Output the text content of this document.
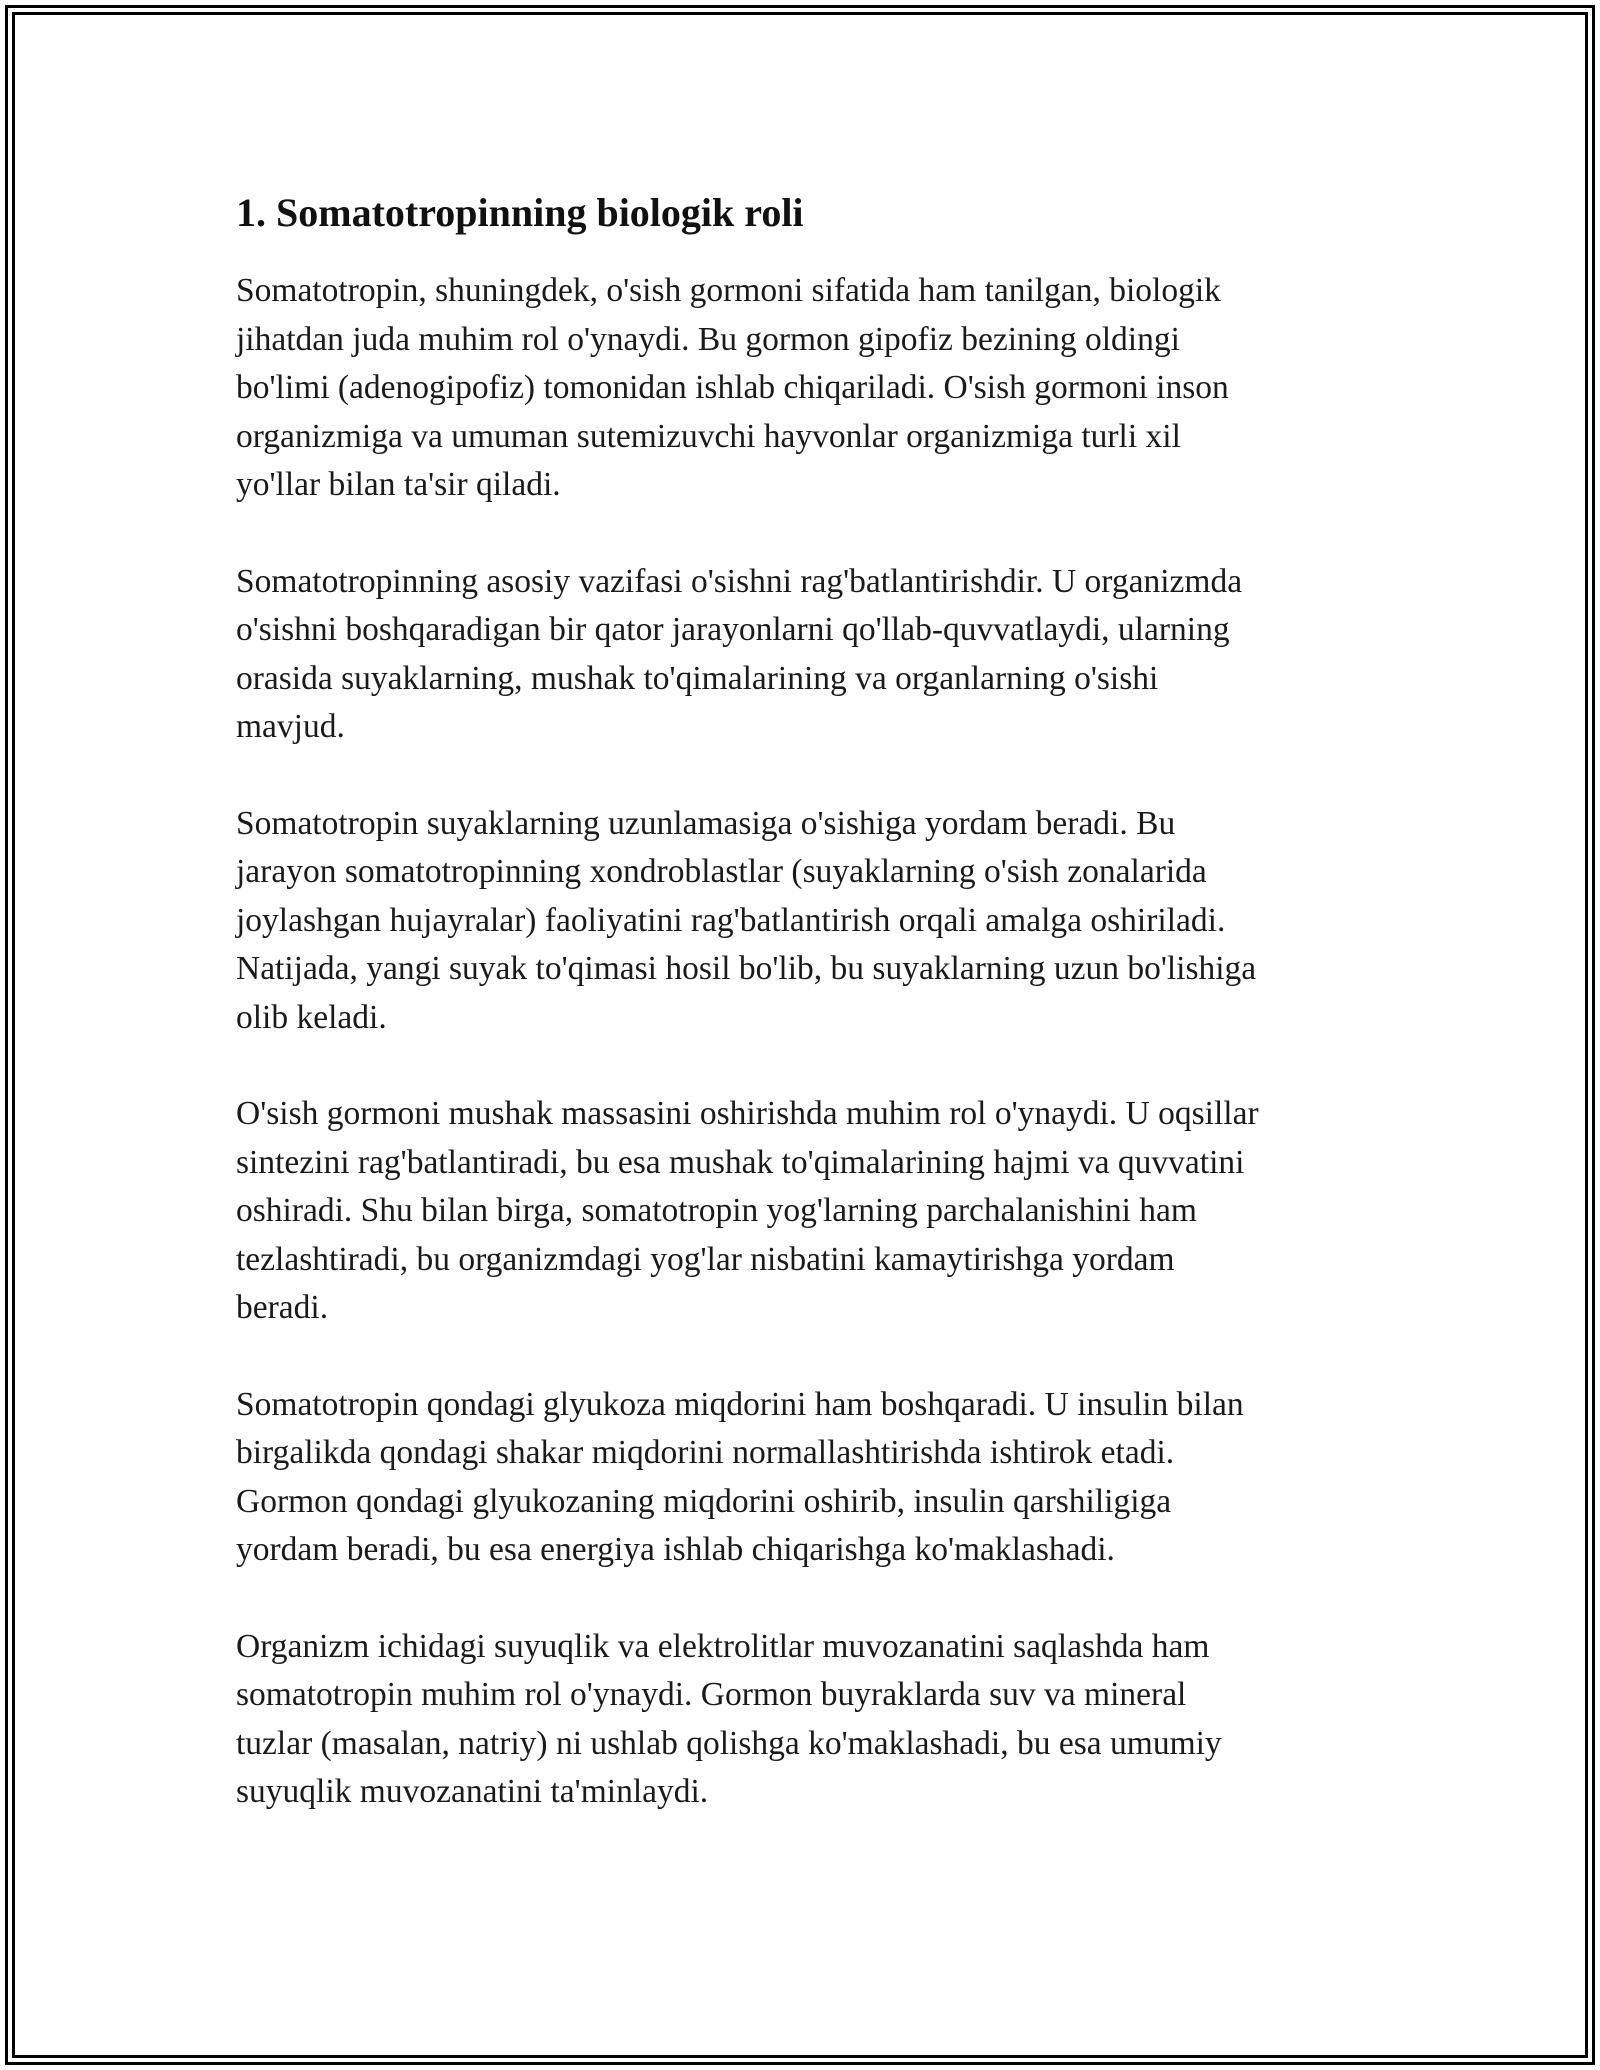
1. Somatotropinning biologik roli

Somatotropin, shuningdek, o'sish gormoni sifatida ham tanilgan, biologik
jihatdan juda muhim rol o'ynaydi. Bu gormon gipofiz bezining oldingi
bo'limi (adenogipofiz) tomonidan ishlab chiqariladi. O'sish gormoni inson
organizmiga va umuman sutemizuvchi hayvonlar organizmiga turli xil
yo'llar bilan ta'sir qiladi.

Somatotropinning asosiy vazifasi o'sishni rag'batlantirishdir. U organizmda
o'sishni boshqaradigan bir qator jarayonlarni qo'llab-quvvatlaydi, ularning
orasida suyaklarning, mushak to'qimalarining va organlarning o'sishi
mavjud.

Somatotropin suyaklarning uzunlamasiga o'sishiga yordam beradi. Bu
jarayon somatotropinning xondroblastlar (suyaklarning o'sish zonalarida
joylashgan hujayralar) faoliyatini rag'batlantirish orqali amalga oshiriladi.
Natijada, yangi suyak to'qimasi hosil bo'lib, bu suyaklarning uzun bo'lishiga
olib keladi.

O'sish gormoni mushak massasini oshirishda muhim rol o'ynaydi. U oqsillar
sintezini rag'batlantiradi, bu esa mushak to'qimalarining hajmi va quvvatini
oshiradi. Shu bilan birga, somatotropin yog'larning parchalanishini ham
tezlashtiradi, bu organizmdagi yog'lar nisbatini kamaytirishga yordam
beradi.

Somatotropin qondagi glyukoza miqdorini ham boshqaradi. U insulin bilan
birgalikda qondagi shakar miqdorini normallashtirishda ishtirok etadi.
Gormon qondagi glyukozaning miqdorini oshirib, insulin qarshiligiga
yordam beradi, bu esa energiya ishlab chiqarishga ko'maklashadi.

Organizm ichidagi suyuqlik va elektrolitlar muvozanatini saqlashda ham
somatotropin muhim rol o'ynaydi. Gormon buyraklarda suv va mineral
tuzlar (masalan, natriy) ni ushlab qolishga ko'maklashadi, bu esa umumiy
suyuqlik muvozanatini ta'minlaydi.
